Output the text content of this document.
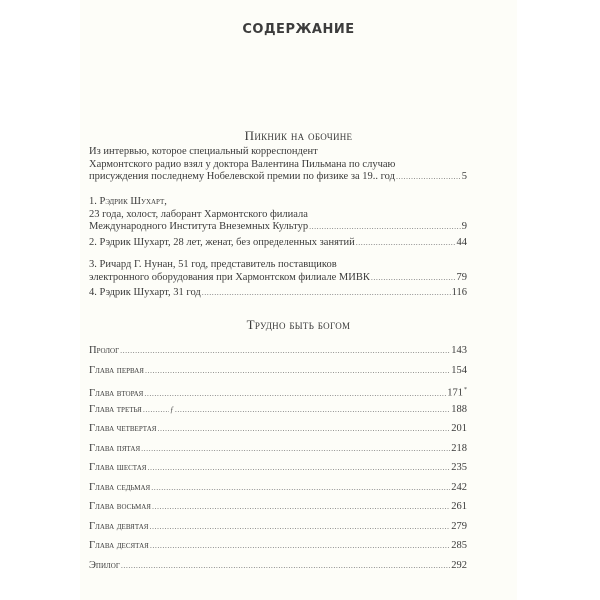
СОДЕРЖАНИЕ
Пикник на обочине
Из интервью, которое специальный корреспондент
Хармонтского радио взял у доктора Валентина Пильмана по случаю
присуждения последнему Нобелевской премии по физике за 19.. год .....	5
1. Рэдрик Шухарт,
23 года, холост, лаборант Хармонтского филиала
Международного Института Внеземных Культур .....	9
2. Рэдрик Шухарт, 28 лет, женат, без определенных занятий .....	44
3. Ричард Г. Нунан, 51 год, представитель поставщиков
электронного оборудования при Хармонтском филиале МИВК .....	79
4. Рэдрик Шухарт, 31 год .....	116
Трудно быть богом
Пролог .....	143
Глава первая .....	154
Глава вторая .....	171*
Глава третья .....	ƒ .....	188
Глава четвертая .....	201
Глава пятая .....	218
Глава шестая .....	235
Глава седьмая .....	242
Глава восьмая .....	261
Глава девятая .....	279
Глава десятая .....	285
Эпилог .....	292
